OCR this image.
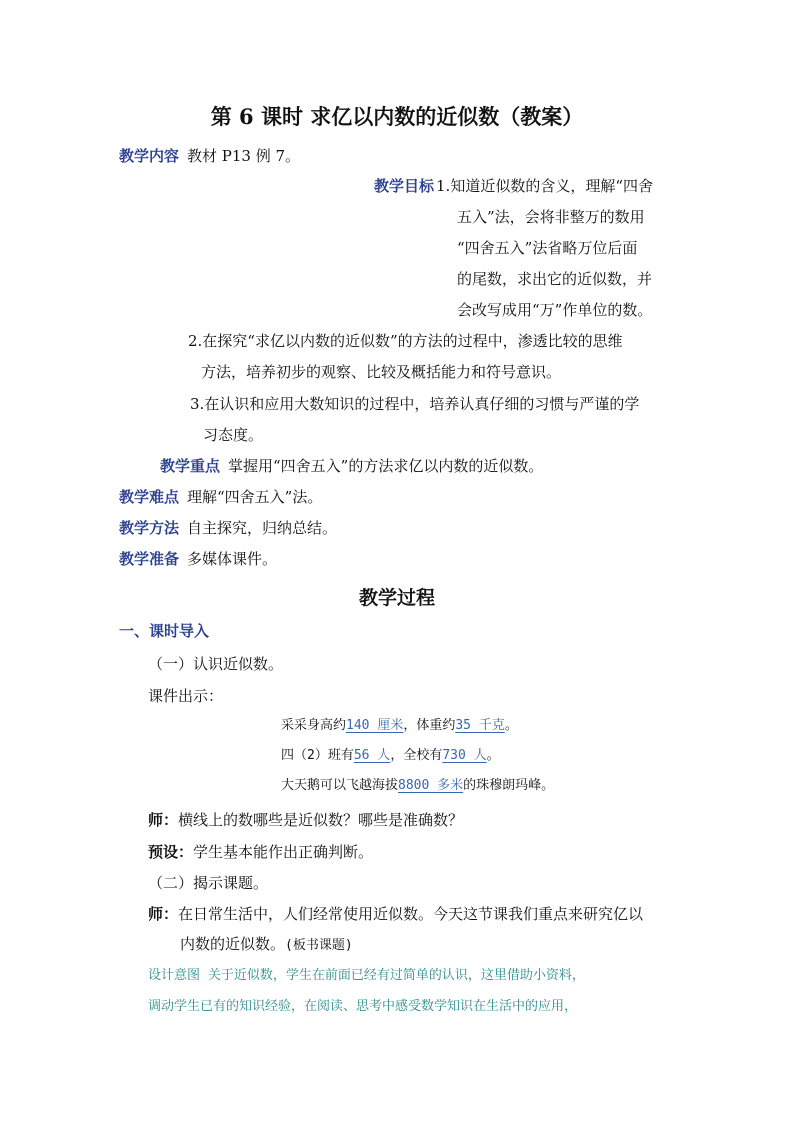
第 6 课时 求亿以内数的近似数（教案）
教学内容 教材 P13 例 7。
教学目标 1.知道近似数的含义，理解“四舍
五入”法，会将非整万的数用
“四舍五入”法省略万位后面
的尾数，求出它的近似数，并
会改写成用“万”作单位的数。
2.在探究“求亿以内数的近似数”的方法的过程中，渗透比较的思维
方法，培养初步的观察、比较及概括能力和符号意识。
3.在认识和应用大数知识的过程中，培养认真仔细的习惯与严谨的学
习态度。
教学重点 掌握用“四舍五入”的方法求亿以内数的近似数。
教学难点 理解“四舍五入”法。
教学方法 自主探究，归纳总结。
教学准备 多媒体课件。
教学过程
一、课时导入
（一）认识近似数。
课件出示：
采采身高约140 厘米，体重约35 千克。
四（2）班有56 人，全校有730 人。
大天鹅可以飞越海拔8800 多米的珠穆朗玛峰。
师：横线上的数哪些是近似数？哪些是准确数？
预设：学生基本能作出正确判断。
（二）揭示课题。
师：在日常生活中，人们经常使用近似数。今天这节课我们重点来研究亿以
内数的近似数。(板书课题)
设计意图 关于近似数，学生在前面已经有过简单的认识，这里借助小资料，
调动学生已有的知识经验，在阅读、思考中感受数学知识在生活中的应用，
